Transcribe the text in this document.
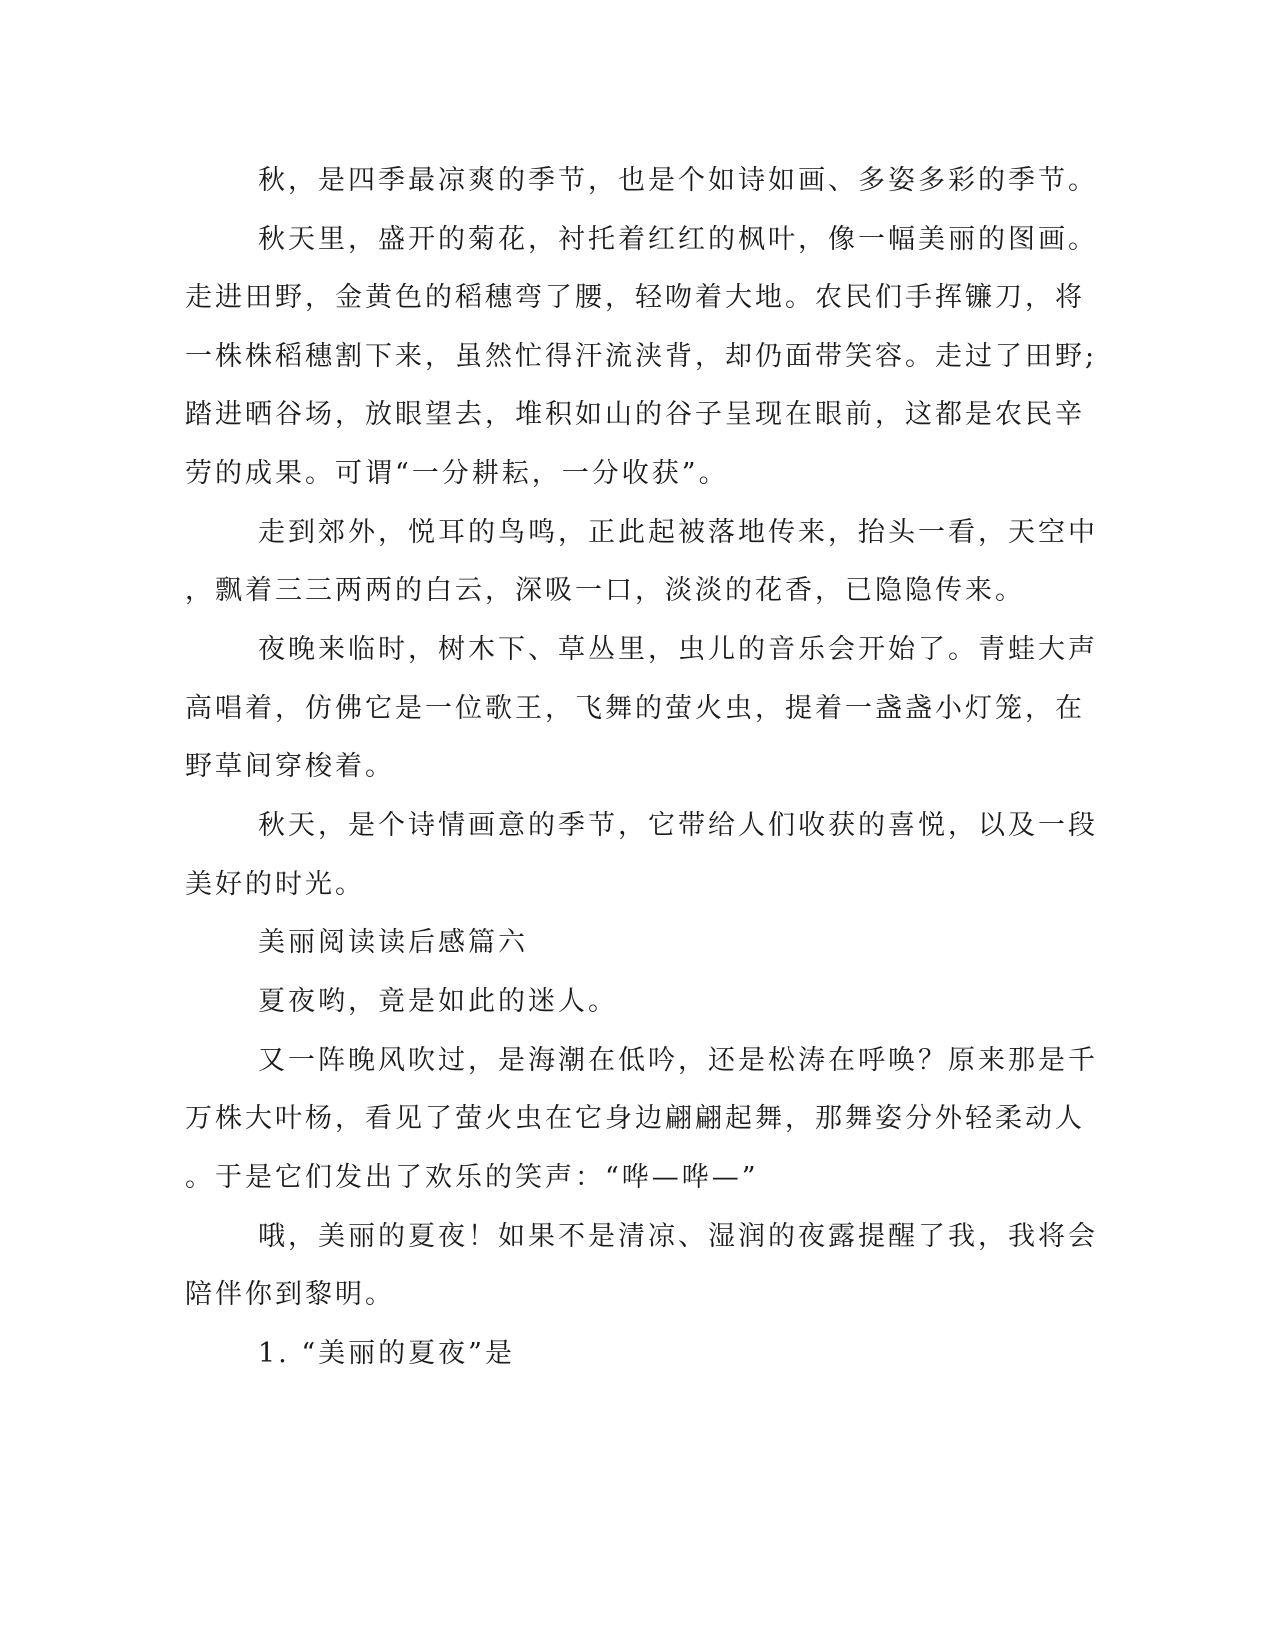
秋，是四季最凉爽的季节，也是个如诗如画、多姿多彩的季节。
秋天里，盛开的菊花，衬托着红红的枫叶，像一幅美丽的图画。
走进田野，金黄色的稻穗弯了腰，轻吻着大地。农民们手挥镰刀，将
一株株稻穗割下来，虽然忙得汗流浃背，却仍面带笑容。走过了田野;
踏进晒谷场，放眼望去，堆积如山的谷子呈现在眼前，这都是农民辛
劳的成果。可谓“一分耕耘，一分收获”。
走到郊外，悦耳的鸟鸣，正此起被落地传来，抬头一看，天空中
，飘着三三两两的白云，深吸一口，淡淡的花香，已隐隐传来。
夜晚来临时，树木下、草丛里，虫儿的音乐会开始了。青蛙大声
高唱着，仿佛它是一位歌王，飞舞的萤火虫，提着一盏盏小灯笼，在
野草间穿梭着。
秋天，是个诗情画意的季节，它带给人们收获的喜悦，以及一段
美好的时光。
美丽阅读读后感篇六
夏夜哟，竟是如此的迷人。
又一阵晚风吹过，是海潮在低吟，还是松涛在呼唤？原来那是千
万株大叶杨，看见了萤火虫在它身边翩翩起舞，那舞姿分外轻柔动人
。于是它们发出了欢乐的笑声：“哗—哗—”
哦，美丽的夏夜！如果不是清凉、湿润的夜露提醒了我，我将会
陪伴你到黎明。
1. “美丽的夏夜”是
